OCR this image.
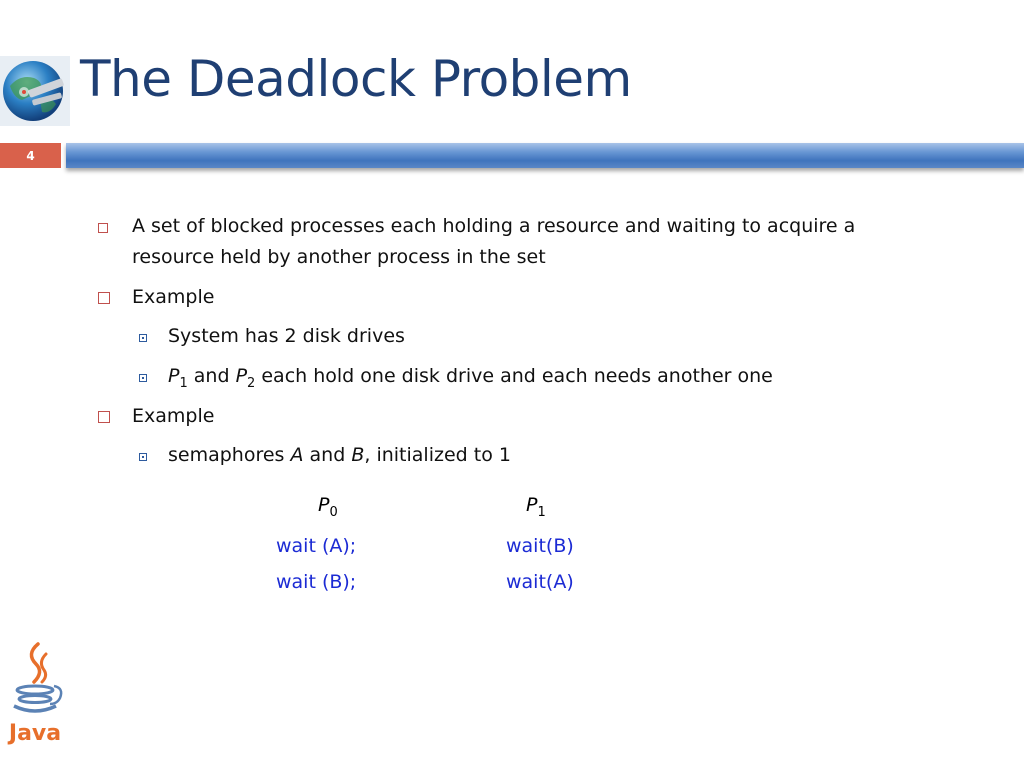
The Deadlock Problem
4
A set of blocked processes each holding a resource and waiting to acquire a
resource held by another process in the set
Example
System has 2 disk drives
$P_1$ and $P_2$ each hold one disk drive and each needs another one
Example
semaphores A and B, initialized to 1
$P_0$	$P_1$
wait (A);
wait (B);
wait(B)
wait(A)
Java
